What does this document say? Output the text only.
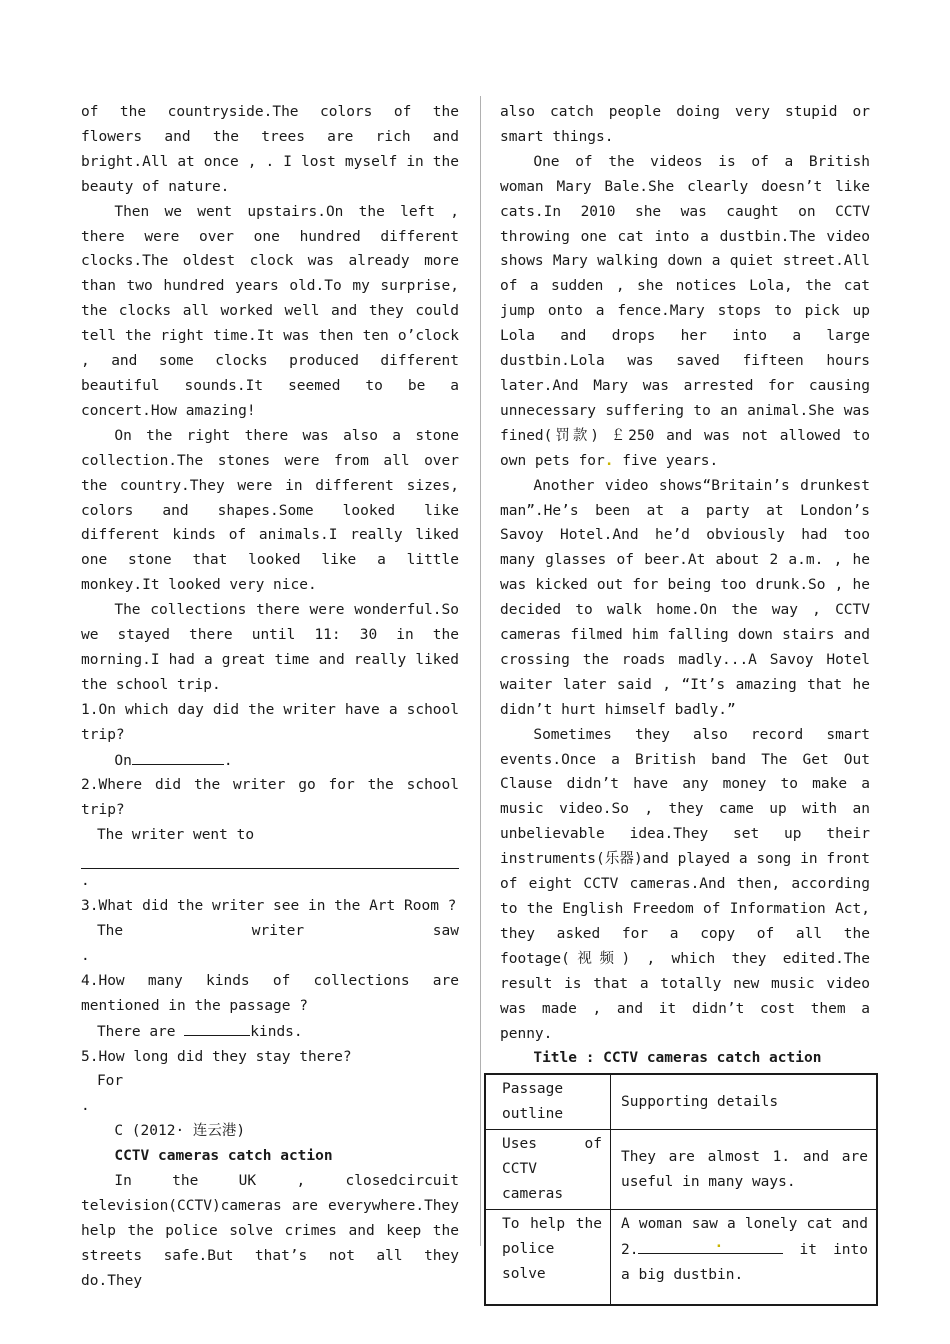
of the countryside.The colors of the flowers and the trees are rich and bright.All at once , . I lost myself in the beauty of nature.

Then we went upstairs.On the left , there were over one hundred different clocks.The oldest clock was already more than two hundred years old.To my surprise, the clocks all worked well and they could tell the right time.It was then ten o’clock , and some clocks produced different beautiful sounds.It seemed to be a concert.How amazing!

On the right there was also a stone collection.The stones were from all over the country.They were in different sizes, colors and shapes.Some looked like different kinds of animals.I really liked one stone that looked like a little monkey.It looked very nice.

The collections there were wonderful.So we stayed there until 11: 30 in the morning.I had a great time and really liked the school trip.

1.On which day did the writer have a school trip?

On	.

2.Where did the writer go for the school trip?

The writer went to

.

3.What did the writer see in the Art Room ?

The	writer	saw
.

4.How many kinds of collections are mentioned in the passage ?

There are	kinds.

5.How long did they stay there?

For

.

C (2012· 连云港)

CCTV cameras catch action

In the UK , closedcircuit television(CCTV)cameras are everywhere.They help the police solve crimes and keep the streets safe.But that’s not all they do.They

also catch people doing very stupid or smart things.

One of the videos is of a British woman Mary Bale.She clearly doesn’t like cats.In 2010 she was caught on CCTV throwing one cat into a dustbin.The video shows Mary walking down a quiet street.All of a sudden , she notices Lola, the cat jump onto a fence.Mary stops to pick up Lola and drops her into a large dustbin.Lola was saved fifteen hours later.And Mary was arrested for causing unnecessary suffering to an animal.She was fined(罚款) ￡250 and was not allowed to own pets for. five years.

Another video shows“Britain’s drunkest man”.He’s been at a party at London’s Savoy Hotel.And he’d obviously had too many glasses of beer.At about 2 a.m. , he was kicked out for being too drunk.So , he decided to walk home.On the way , CCTV cameras filmed him falling down stairs and crossing the roads madly...A Savoy Hotel waiter later said , “It’s amazing that he didn’t hurt himself badly.”

Sometimes they also record smart events.Once a British band The Get Out Clause didn’t have any money to make a music video.So , they came up with an unbelievable idea.They set up their instruments(乐器)and played a song in front of eight CCTV cameras.And then, according to the English Freedom of Information Act, they asked for a copy of all the footage(视频) , which they edited.The result is that a totally new music video was made , and it didn’t cost them a penny.

Title : CCTV cameras catch action

Passage outline	Supporting details
Uses of CCTV cameras	They are almost 1. and are useful in many ways.
To help the police solve	A woman saw a lonely cat and 2. . it into a big dustbin.
